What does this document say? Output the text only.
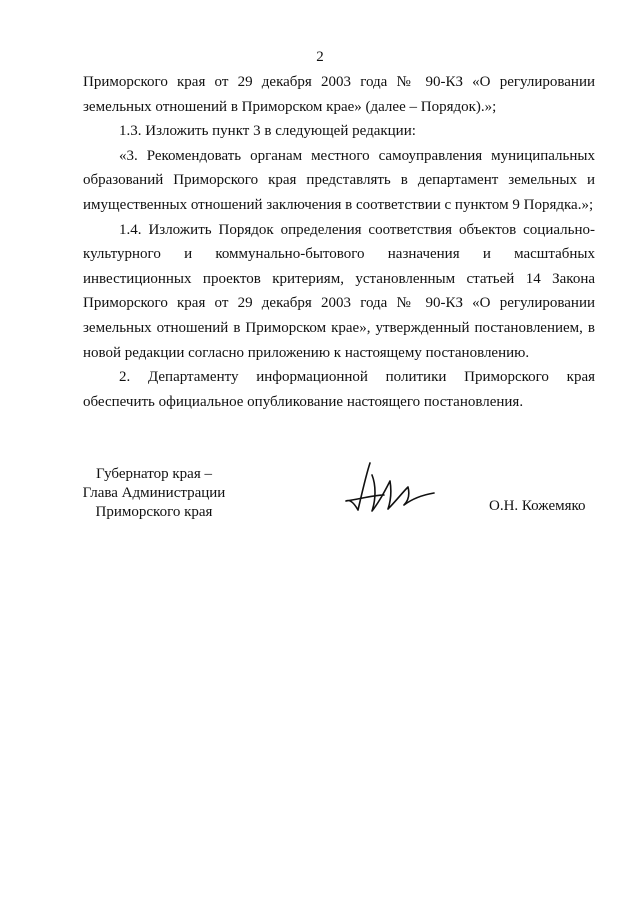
2

Приморского края от 29 декабря 2003 года № 90-КЗ «О регулировании земельных отношений в Приморском крае» (далее – Порядок).»;

1.3. Изложить пункт 3 в следующей редакции:

«3. Рекомендовать органам местного самоуправления муниципальных образований Приморского края представлять в департамент земельных и имущественных отношений заключения в соответствии с пунктом 9 Порядка.»;

1.4. Изложить Порядок определения соответствия объектов социально-культурного и коммунально-бытового назначения и масштабных инвестиционных проектов критериям, установленным статьей 14 Закона Приморского края от 29 декабря 2003 года № 90-КЗ «О регулировании земельных отношений в Приморском крае», утвержденный постановлением, в новой редакции согласно приложению к настоящему постановлению.

2. Департаменту информационной политики Приморского края обеспечить официальное опубликование настоящего постановления.

Губернатор края –
Глава Администрации
Приморского края	О.Н. Кожемяко
